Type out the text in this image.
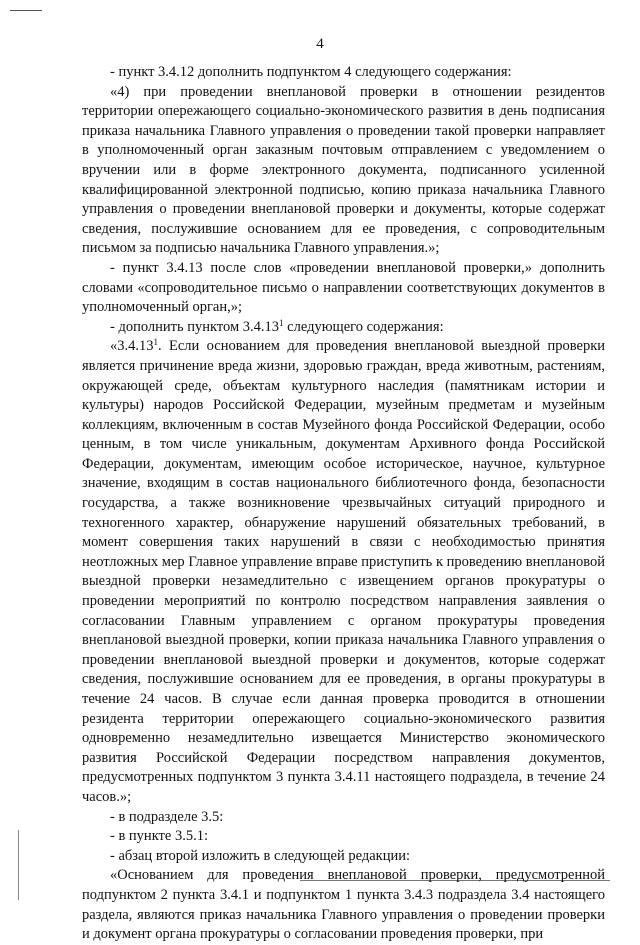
4

- пункт 3.4.12 дополнить подпунктом 4 следующего содержания:

«4) при проведении внеплановой проверки в отношении резидентов территории опережающего социально-экономического развития в день подписания приказа начальника Главного управления о проведении такой проверки направляет в уполномоченный орган заказным почтовым отправлением с уведомлением о вручении или в форме электронного документа, подписанного усиленной квалифицированной электронной подписью, копию приказа начальника Главного управления о проведении внеплановой проверки и документы, которые содержат сведения, послужившие основанием для ее проведения, с сопроводительным письмом за подписью начальника Главного управления.»;

- пункт 3.4.13 после слов «проведении внеплановой проверки,» дополнить словами «сопроводительное письмо о направлении соответствующих документов в уполномоченный орган,»;

- дополнить пунктом 3.4.13$^1$ следующего содержания:

«3.4.13$^1$. Если основанием для проведения внеплановой выездной проверки является причинение вреда жизни, здоровью граждан, вреда животным, растениям, окружающей среде, объектам культурного наследия (памятникам истории и культуры) народов Российской Федерации, музейным предметам и музейным коллекциям, включенным в состав Музейного фонда Российской Федерации, особо ценным, в том числе уникальным, документам Архивного фонда Российской Федерации, документам, имеющим особое историческое, научное, культурное значение, входящим в состав национального библиотечного фонда, безопасности государства, а также возникновение чрезвычайных ситуаций природного и техногенного характер, обнаружение нарушений обязательных требований, в момент совершения таких нарушений в связи с необходимостью принятия неотложных мер Главное управление вправе приступить к проведению внеплановой выездной проверки незамедлительно с извещением органов прокуратуры о проведении мероприятий по контролю посредством направления заявления о согласовании Главным управлением с органом прокуратуры проведения внеплановой выездной проверки, копии приказа начальника Главного управления о проведении внеплановой выездной проверки и документов, которые содержат сведения, послужившие основанием для ее проведения, в органы прокуратуры в течение 24 часов. В случае если данная проверка проводится в отношении резидента территории опережающего социально-экономического развития одновременно незамедлительно извещается Министерство экономического развития Российской Федерации посредством направления документов, предусмотренных подпунктом 3 пункта 3.4.11 настоящего подраздела, в течение 24 часов.»;

- в подразделе 3.5:

- в пункте 3.5.1:

- абзац второй изложить в следующей редакции:

«Основанием для проведения внеплановой проверки, предусмотренной подпунктом 2 пункта 3.4.1 и подпунктом 1 пункта 3.4.3 подраздела 3.4 настоящего раздела, являются приказ начальника Главного управления о проведении проверки и документ органа прокуратуры о согласовании проведения проверки, при
